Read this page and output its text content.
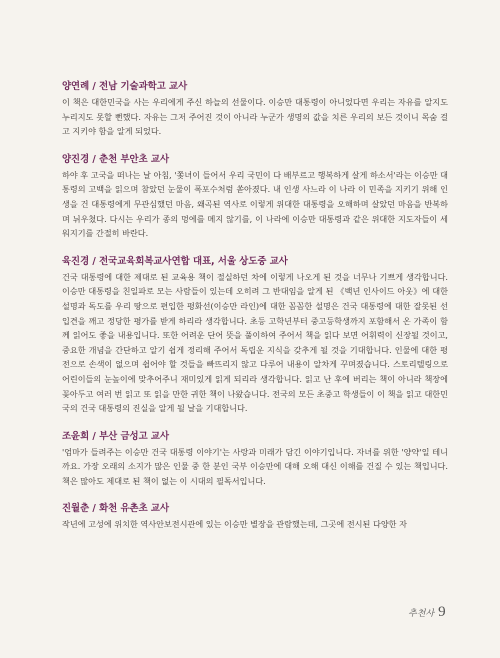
양연례 / 전남 기술과학고 교사

이 책은 대한민국을 사는 우리에게 주신 하늘의 선물이다. 이승만 대통령이 아니었다면 우리는 자유를 알지도 누리지도 못할 뻔했다. 자유는 그저 주어진 것이 아니라 누군가 생명의 값을 치른 우리의 보든 것이니 목숨 걸고 지키야 함을 알게 되었다.

양진경 / 춘천 부안초 교사

하야 후 고국을 떠나는 날 아침, '쫓녀이 들어서 우리 국민이 다 배부르고 행복하게 살게 하소서'라는 이승만 대통령의 고백을 읽으며 참았던 눈물이 폭포수처럼 쏟아졌다. 내 인생 사느라 이 나라 이 민족을 지키기 위해 인생을 건 대통령에게 무관심했던 마음, 왜곡된 역사로 이렇게 위대한 대통령을 오해하며 살았던 마음을 반복하며 뉘우쳤다. 다시는 우리가 종의 멍에를 메지 않기를, 이 나라에 이승만 대통령과 같은 위대한 지도자들이 세워지기를 간절히 바란다.

육진경 / 전국교육회복교사연합 대표, 서울 상도중 교사

건국 대통령에 대한 제대로 된 교육용 책이 절실하던 차에 이렇게 나오게 된 것을 너무나 기쁘게 생각합니다. 이승만 대통령을 친일파로 모는 사람들이 있는데 오히려 그 반대임을 알게 된 《백년 인사이드 아웃》에 대한 설명과 독도를 우리 땅으로 편입한 평화선(이승만 라인)에 대한 꼼꼼한 설명은 건국 대통령에 대한 잘못된 선입견을 깨고 정당한 평가를 받게 하리라 생각합니다. 초등 고학년부터 중고등학생까지 포함해서 온 가족이 함께 읽어도 좋을 내용입니다. 또한 어려운 단어 뜻을 풀이하여 주어서 책을 읽다 보면 어휘력이 신장될 것이고, 중요한 개념을 간단하고 알기 쉽게 정리해 주어서 독립운 지식을 갖추게 될 것을 기대합니다. 인물에 대한 평전으로 손색이 없으며 쉽어야 할 것들을 빠뜨리지 않고 다루어 내용이 알차게 꾸며졌습니다. 스토리텔링으로 어린이들의 눈높이에 맞추어주니 재미있게 읽게 되리라 생각합니다. 읽고 난 후에 버리는 책이 아니라 책장에 꽂아두고 여러 번 읽고 또 읽을 만한 귀한 책이 나왔습니다. 전국의 모든 초중고 학생들이 이 책을 읽고 대한민국의 건국 대통령의 진실을 알게 될 날을 기대합니다.

조윤희 / 부산 금성고 교사

'엄마가 들려주는 이승만 건국 대통령 이야기'는 사랑과 미래가 담긴 이야기입니다. 자녀를 위한 '양약'일 테니까요. 가장 오래의 소지가 많은 인물 중 한 분인 국부 이승만에 대해 오해 대신 이해를 건질 수 있는 책입니다. 책은 많아도 제대로 된 책이 없는 이 시대의 필독서입니다.

진월춘 / 화천 유촌초 교사

작년에 고성에 위치한 역사안보전시관에 있는 이승만 별장을 관람했는데, 그곳에 전시된 다양한 자

추천사 9
